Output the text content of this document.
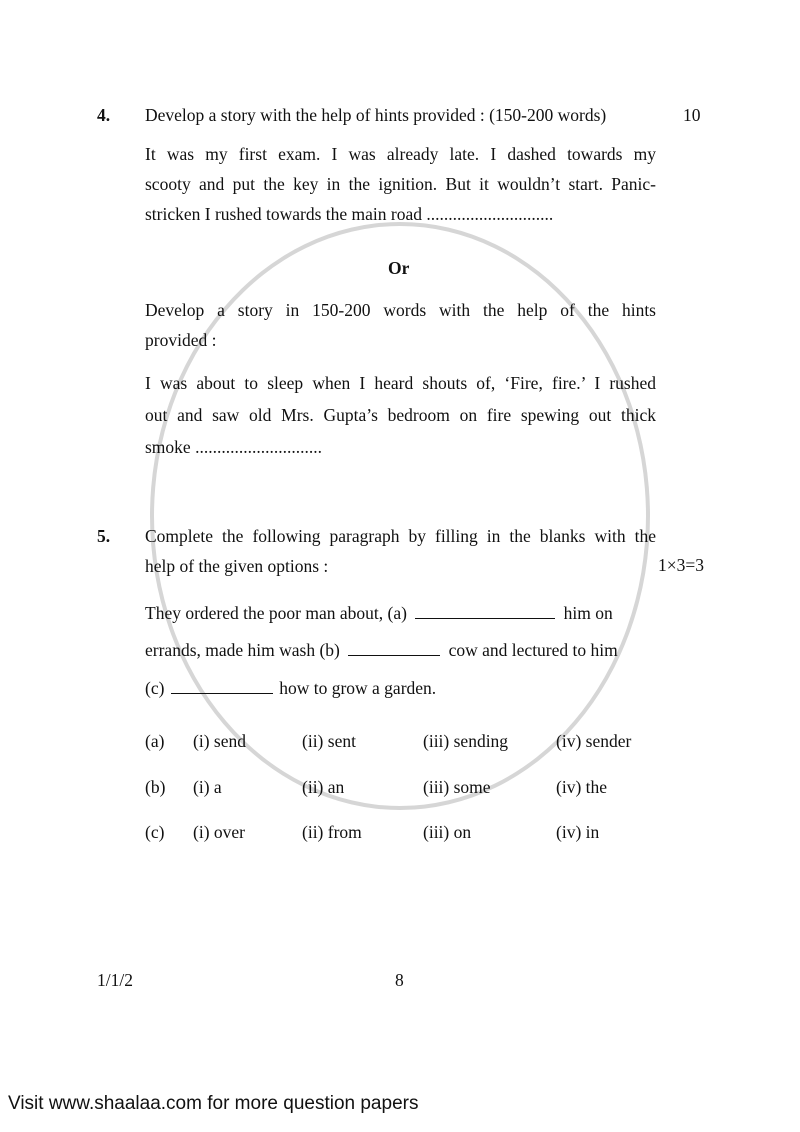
4. Develop a story with the help of hints provided : (150-200 words)	10
It was my first exam. I was already late. I dashed towards my
scooty and put the key in the ignition. But it wouldn’t start. Panic-
stricken I rushed towards the main road .............................
Or
Develop a story in 150-200 words with the help of the hints
provided :
I was about to sleep when I heard shouts of, ‘Fire, fire.’ I rushed
out and saw old Mrs. Gupta’s bedroom on fire spewing out thick
smoke .............................
5. Complete the following paragraph by filling in the blanks with the
help of the given options :	1×3=3
They ordered the poor man about, (a)	him on
errands, made him wash (b)	cow and lectured to him
(c)	how to grow a garden.
(a) (i) send	(ii) sent	(iii) sending	(iv) sender
(b) (i) a	(ii) an	(iii) some	(iv) the
(c) (i) over	(ii) from	(iii) on	(iv) in
1/1/2	8
Visit www.shaalaa.com for more question papers
